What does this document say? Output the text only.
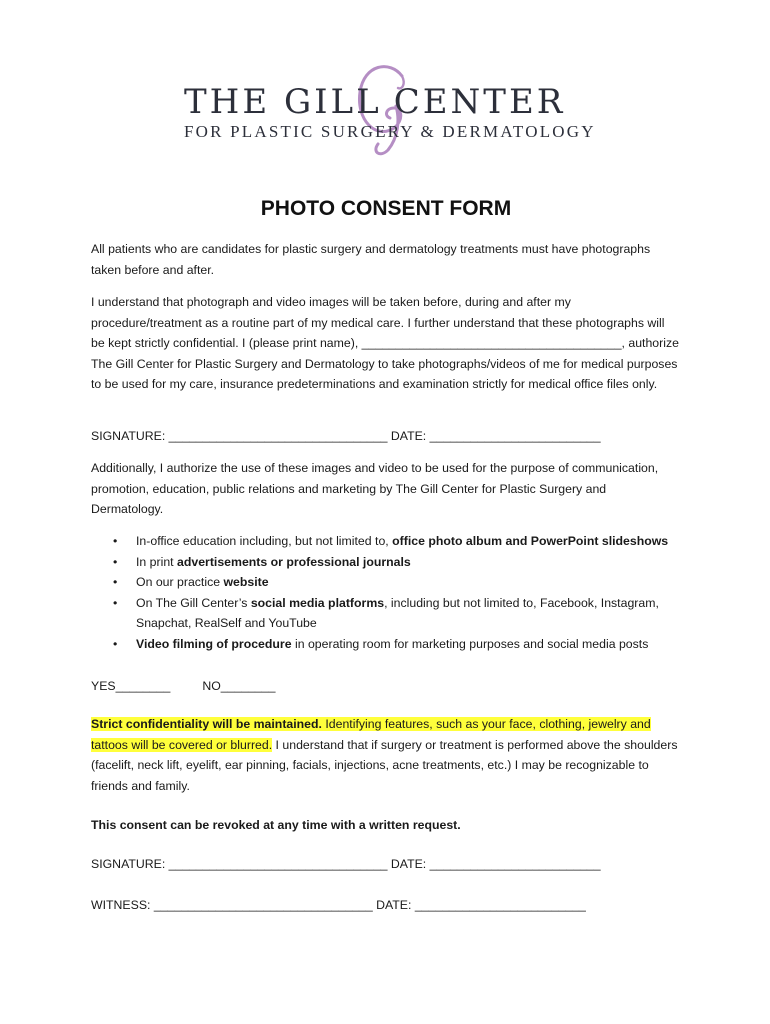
THE GILL CENTER
FOR PLASTIC SURGERY & DERMATOLOGY
PHOTO CONSENT FORM

All patients who are candidates for plastic surgery and dermatology treatments must have photographs taken before and after.

I understand that photograph and video images will be taken before, during and after my procedure/treatment as a routine part of my medical care. I further understand that these photographs will be kept strictly confidential. I (please print name), ______________________________________, authorize The Gill Center for Plastic Surgery and Dermatology to take photographs/videos of me for medical purposes to be used for my care, insurance predeterminations and examination strictly for medical office files only.

SIGNATURE: ________________________________ DATE: _________________________

Additionally, I authorize the use of these images and video to be used for the purpose of communication, promotion, education, public relations and marketing by The Gill Center for Plastic Surgery and Dermatology.

• In-office education including, but not limited to, office photo album and PowerPoint slideshows
• In print advertisements or professional journals
• On our practice website
• On The Gill Center’s social media platforms, including but not limited to, Facebook, Instagram, Snapchat, RealSelf and YouTube
• Video filming of procedure in operating room for marketing purposes and social media posts

YES________	NO________

Strict confidentiality will be maintained. Identifying features, such as your face, clothing, jewelry and tattoos will be covered or blurred. I understand that if surgery or treatment is performed above the shoulders (facelift, neck lift, eyelift, ear pinning, facials, injections, acne treatments, etc.) I may be recognizable to friends and family.

This consent can be revoked at any time with a written request.

SIGNATURE: ________________________________ DATE: _________________________

WITNESS: ________________________________ DATE: _________________________
